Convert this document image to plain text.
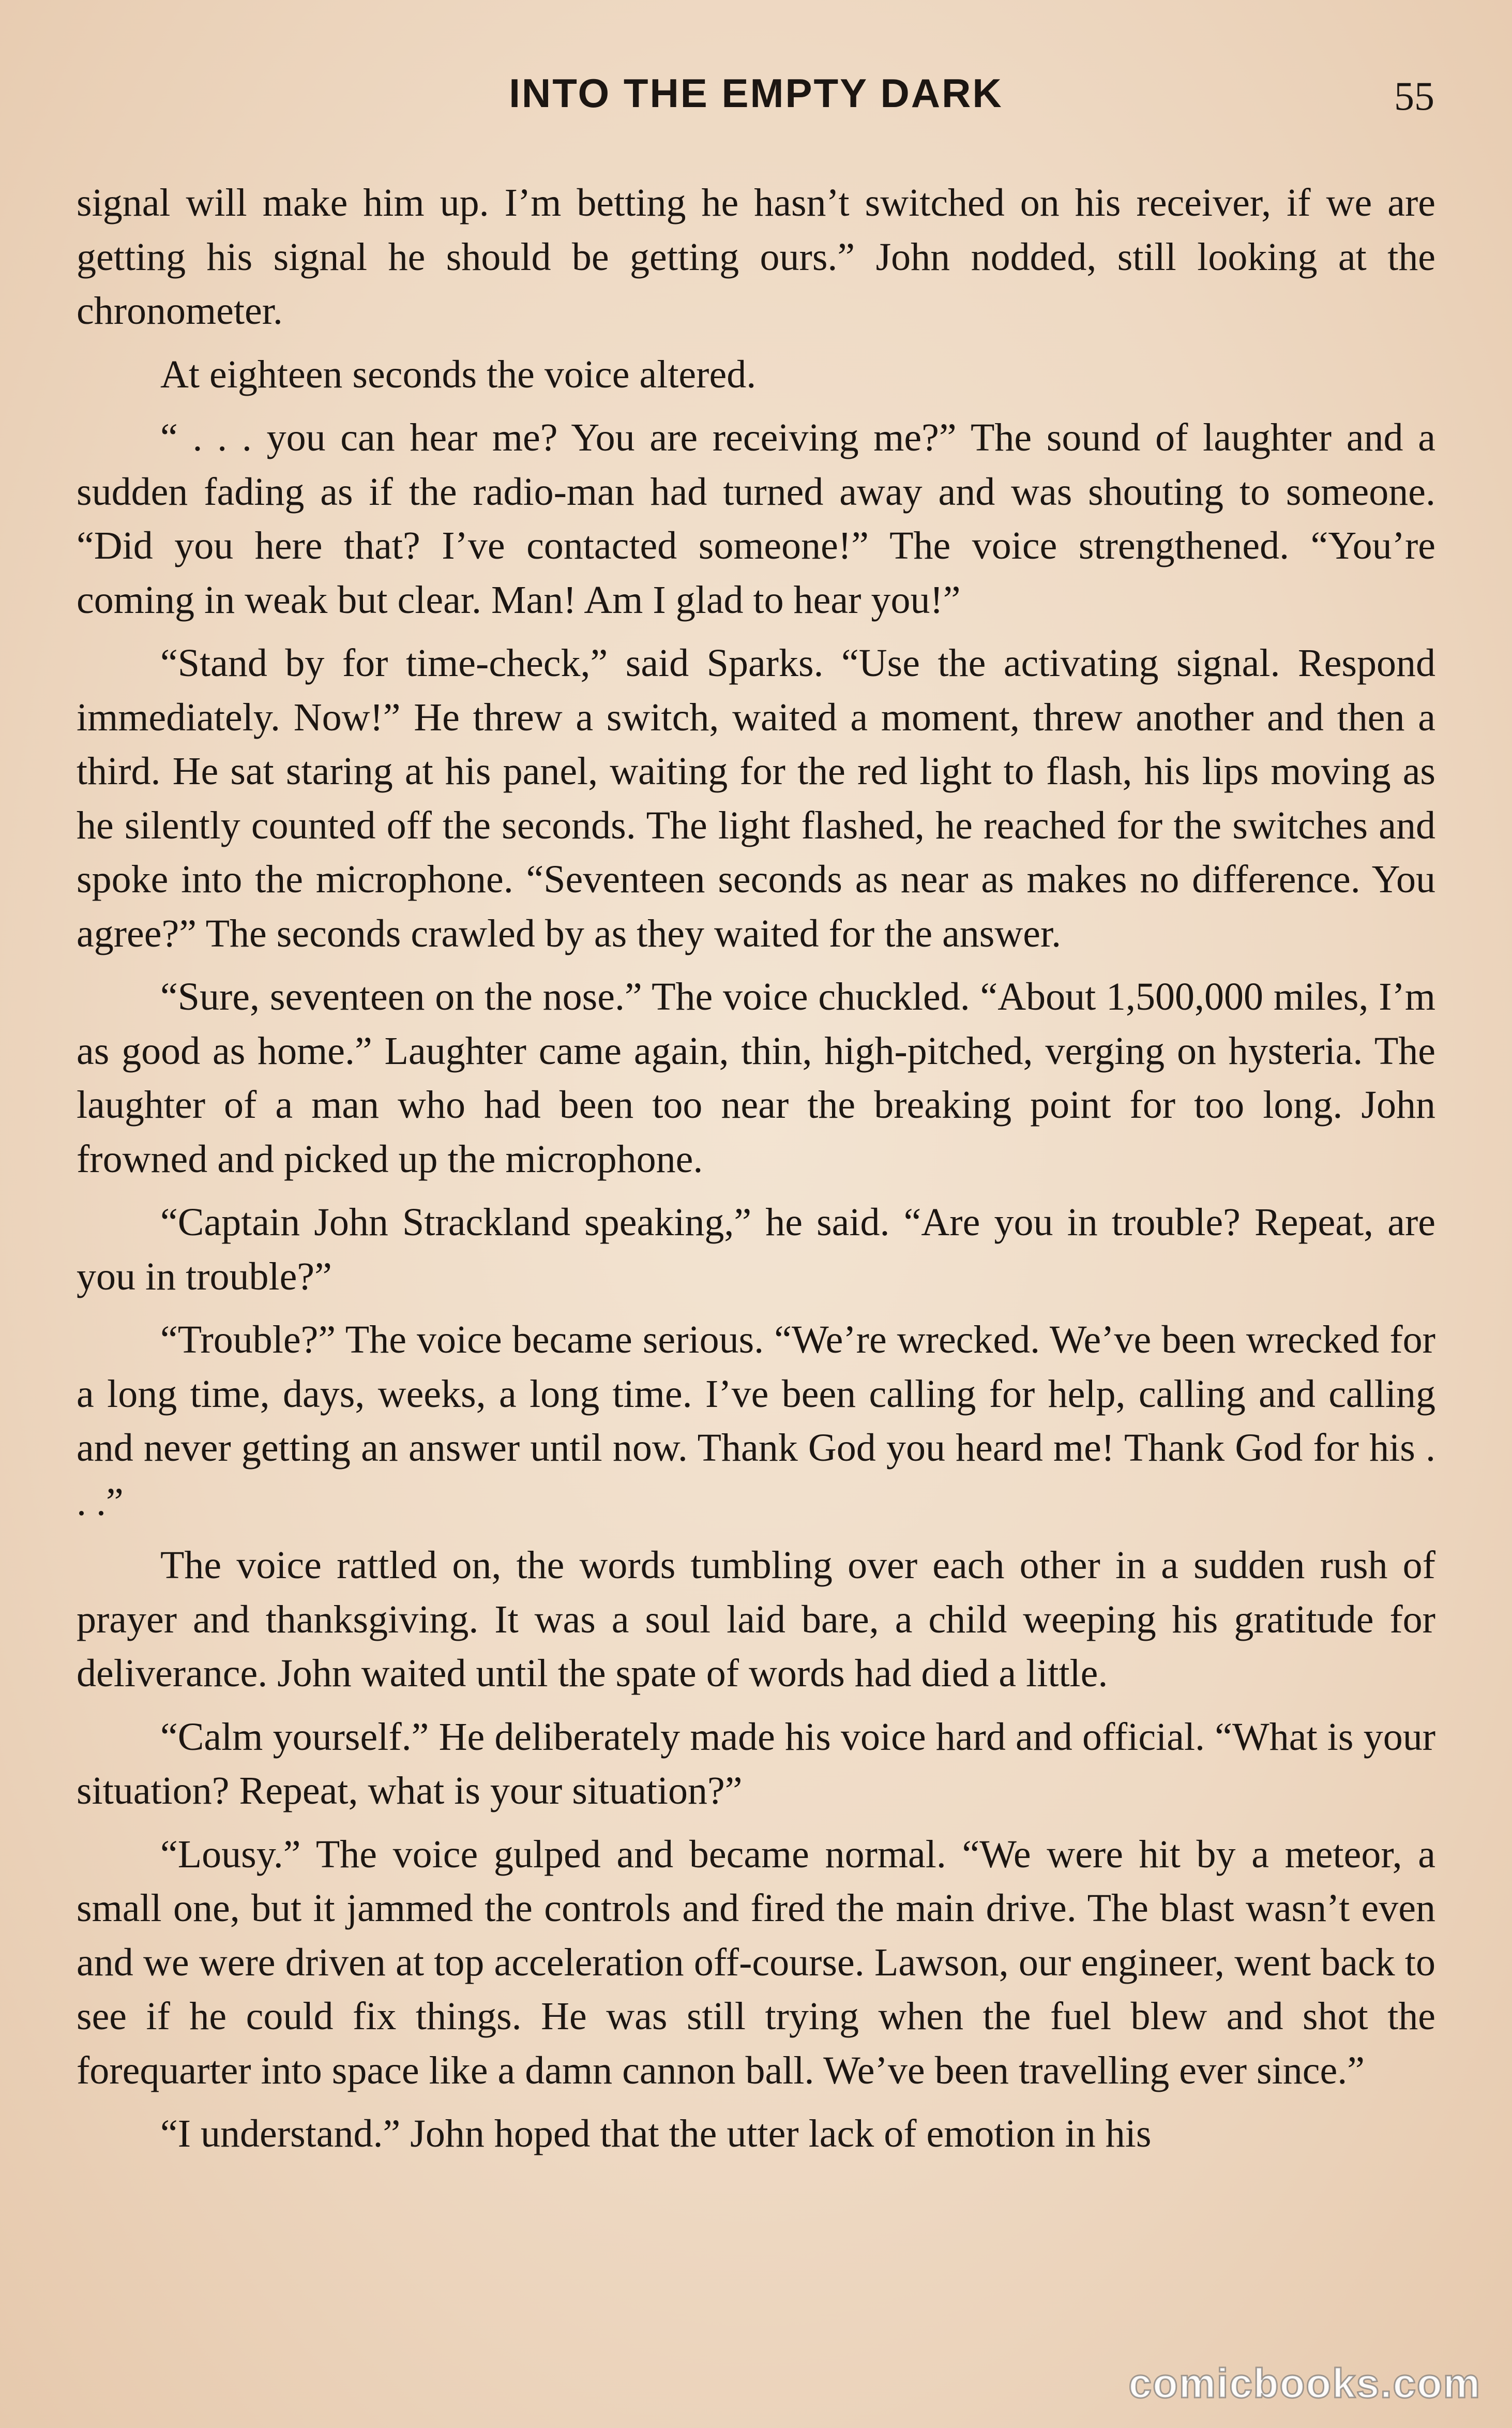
INTO THE EMPTY DARK	55

signal will make him up. I’m betting he hasn’t switched on his receiver, if we are getting his signal he should be getting ours.” John nodded, still looking at the chronometer.

At eighteen seconds the voice altered.

“ . . . you can hear me? You are receiving me?” The sound of laughter and a sudden fading as if the radio-man had turned away and was shouting to someone. “Did you here that? I’ve contacted someone!” The voice strengthened. “You’re coming in weak but clear. Man! Am I glad to hear you!”

“Stand by for time-check,” said Sparks. “Use the activating signal. Respond immediately. Now!” He threw a switch, waited a moment, threw another and then a third. He sat staring at his panel, waiting for the red light to flash, his lips moving as he silently counted off the seconds. The light flashed, he reached for the switches and spoke into the microphone. “Seventeen seconds as near as makes no difference. You agree?” The seconds crawled by as they waited for the answer.

“Sure, seventeen on the nose.” The voice chuckled. “About 1,500,000 miles, I’m as good as home.” Laughter came again, thin, high-pitched, verging on hysteria. The laughter of a man who had been too near the breaking point for too long. John frowned and picked up the microphone.

“Captain John Strackland speaking,” he said. “Are you in trouble? Repeat, are you in trouble?”

“Trouble?” The voice became serious. “We’re wrecked. We’ve been wrecked for a long time, days, weeks, a long time. I’ve been calling for help, calling and calling and never getting an answer until now. Thank God you heard me! Thank God for his . . .”

The voice rattled on, the words tumbling over each other in a sudden rush of prayer and thanksgiving. It was a soul laid bare, a child weeping his gratitude for deliverance. John waited until the spate of words had died a little.

“Calm yourself.” He deliberately made his voice hard and official. “What is your situation? Repeat, what is your situation?”

“Lousy.” The voice gulped and became normal. “We were hit by a meteor, a small one, but it jammed the controls and fired the main drive. The blast wasn’t even and we were driven at top acceleration off-course. Lawson, our engineer, went back to see if he could fix things. He was still trying when the fuel blew and shot the forequarter into space like a damn cannon ball. We’ve been travelling ever since.”

“I understand.” John hoped that the utter lack of emotion in his

comicbooks.com
